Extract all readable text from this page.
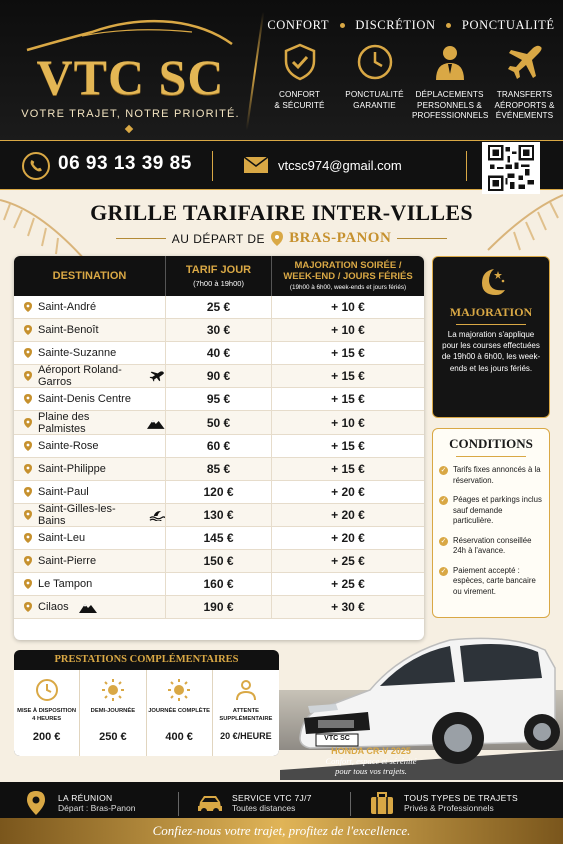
VTC SC
VOTRE TRAJET, NOTRE PRIORITÉ.
CONFORT DISCRÉTION PONCTUALITÉ
CONFORT
& SÉCURITÉ
PONCTUALITÉ
GARANTIE
DÉPLACEMENTS
PERSONNELS &
PROFESSIONNELS
TRANSFERTS
AÉROPORTS &
ÉVÉNEMENTS
06 93 13 39 85	vtcsc974@gmail.com
GRILLE TARIFAIRE INTER-VILLES
AU DÉPART DE BRAS-PANON
DESTINATION	TARIF JOUR
(7h00 à 19h00)
MAJORATION SOIRÉE /
WEEK-END / JOURS FÉRIÉS
(19h00 à 6h00, week-ends et jours fériés)
Saint-André	25 €	+ 10 €
Saint-Benoît	30 €	+ 10 €
Sainte-Suzanne	40 €	+ 15 €
Aéroport Roland-Garros	90 €	+ 15 €
Saint-Denis Centre	95 €	+ 15 €
Plaine des Palmistes	50 €	+ 10 €
Sainte-Rose	60 €	+ 15 €
Saint-Philippe	85 €	+ 15 €
Saint-Paul	120 €	+ 20 €
Saint-Gilles-les-Bains	130 €	+ 20 €
Saint-Leu	145 €	+ 20 €
Saint-Pierre	150 €	+ 25 €
Le Tampon	160 €	+ 25 €
Cilaos	190 €	+ 30 €
MAJORATION
La majoration s'applique pour les courses effectuées de 19h00 à 6h00, les week-ends et les jours fériés.
CONDITIONS
✓ Tarifs fixes annoncés à la réservation.
✓ Péages et parkings inclus sauf demande particulière.
✓ Réservation conseillée 24h à l'avance.
✓ Paiement accepté : espèces, carte bancaire ou virement.
VTC SC
HONDA CR-V 2025
Confort, espace et sérénité
pour tous vos trajets.
PRESTATIONS COMPLÉMENTAIRES
MISE À DISPOSITION
4 HEURES
200 €
DEMI-JOURNÉE
250 €
JOURNÉE COMPLÈTE
400 €
ATTENTE
SUPPLÉMENTAIRE
20 €/HEURE
LA RÉUNION
Départ : Bras-Panon
SERVICE VTC 7J/7
Toutes distances
TOUS TYPES DE TRAJETS
Privés & Professionnels
Confiez-nous votre trajet, profitez de l'excellence.
